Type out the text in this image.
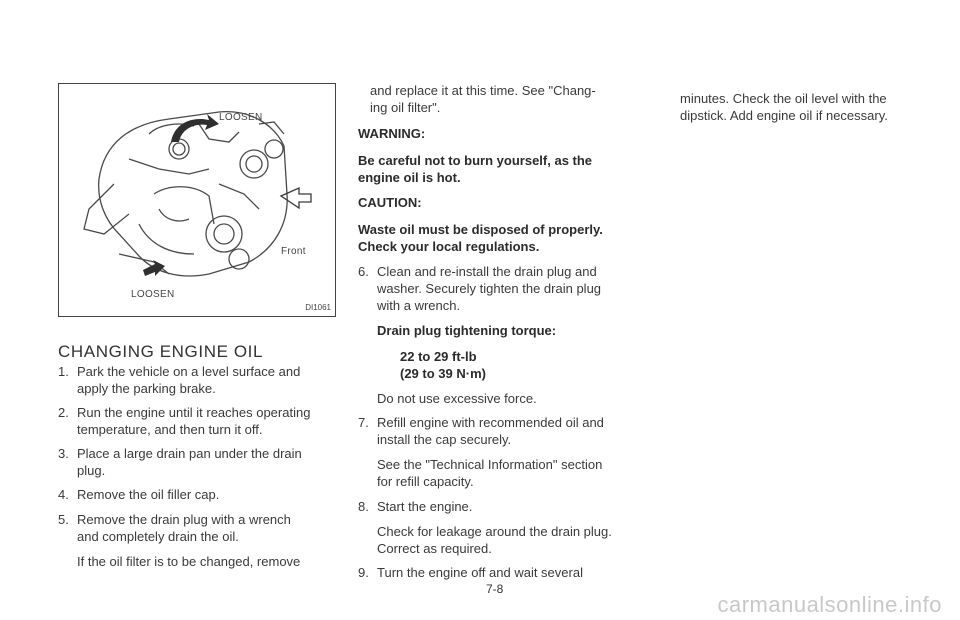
LOOSEN
Front
LOOSEN
DI1061
CHANGING ENGINE OIL

1. Park the vehicle on a level surface and

apply the parking brake.

2. Run the engine until it reaches operating

temperature, and then turn it off.

3. Place a large drain pan under the drain

plug.

4. Remove the oil filler cap.

5. Remove the drain plug with a wrench

and completely drain the oil.

If the oil filter is to be changed, remove

and replace it at this time. See "Chang-

ing oil filter".

WARNING:

Be careful not to burn yourself, as the

engine oil is hot.

CAUTION:

Waste oil must be disposed of properly.

Check your local regulations.

6. Clean and re-install the drain plug and

washer. Securely tighten the drain plug

with a wrench.

Drain plug tightening torque:

22 to 29 ft-lb

(29 to 39 N·m)

Do not use excessive force.

7. Refill engine with recommended oil and

install the cap securely.

See the "Technical Information" section

for refill capacity.

8. Start the engine.

Check for leakage around the drain plug.

Correct as required.

9. Turn the engine off and wait several

minutes. Check the oil level with the

dipstick. Add engine oil if necessary.

7-8
carmanualsonline.info
